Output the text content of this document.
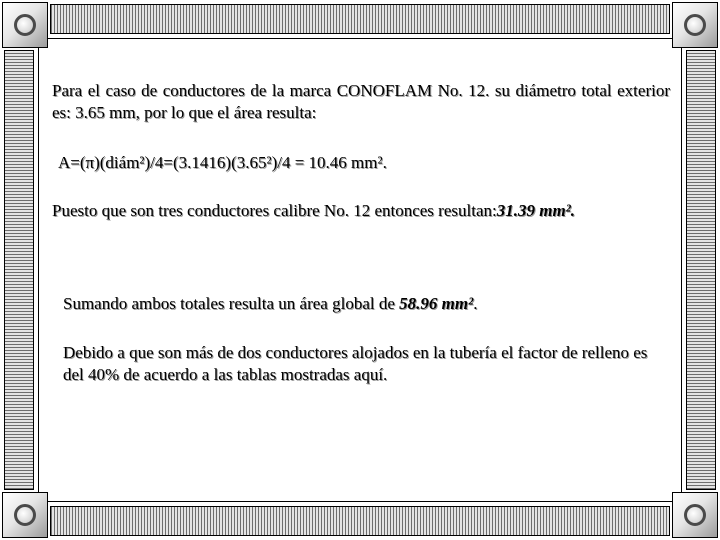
Para el caso de conductores de la marca CONOFLAM No. 12. su diámetro total exterior es: 3.65 mm, por lo que el área resulta:
A=(π)(diám²)/4=(3.1416)(3.65²)/4 = 10.46 mm².
Puesto que son tres conductores calibre No. 12 entonces resultan:31.39 mm².
Sumando ambos totales resulta un área global de 58.96 mm².
Debido a que son más de dos conductores alojados en la tubería el factor de relleno es del 40% de acuerdo a las tablas mostradas aquí.
